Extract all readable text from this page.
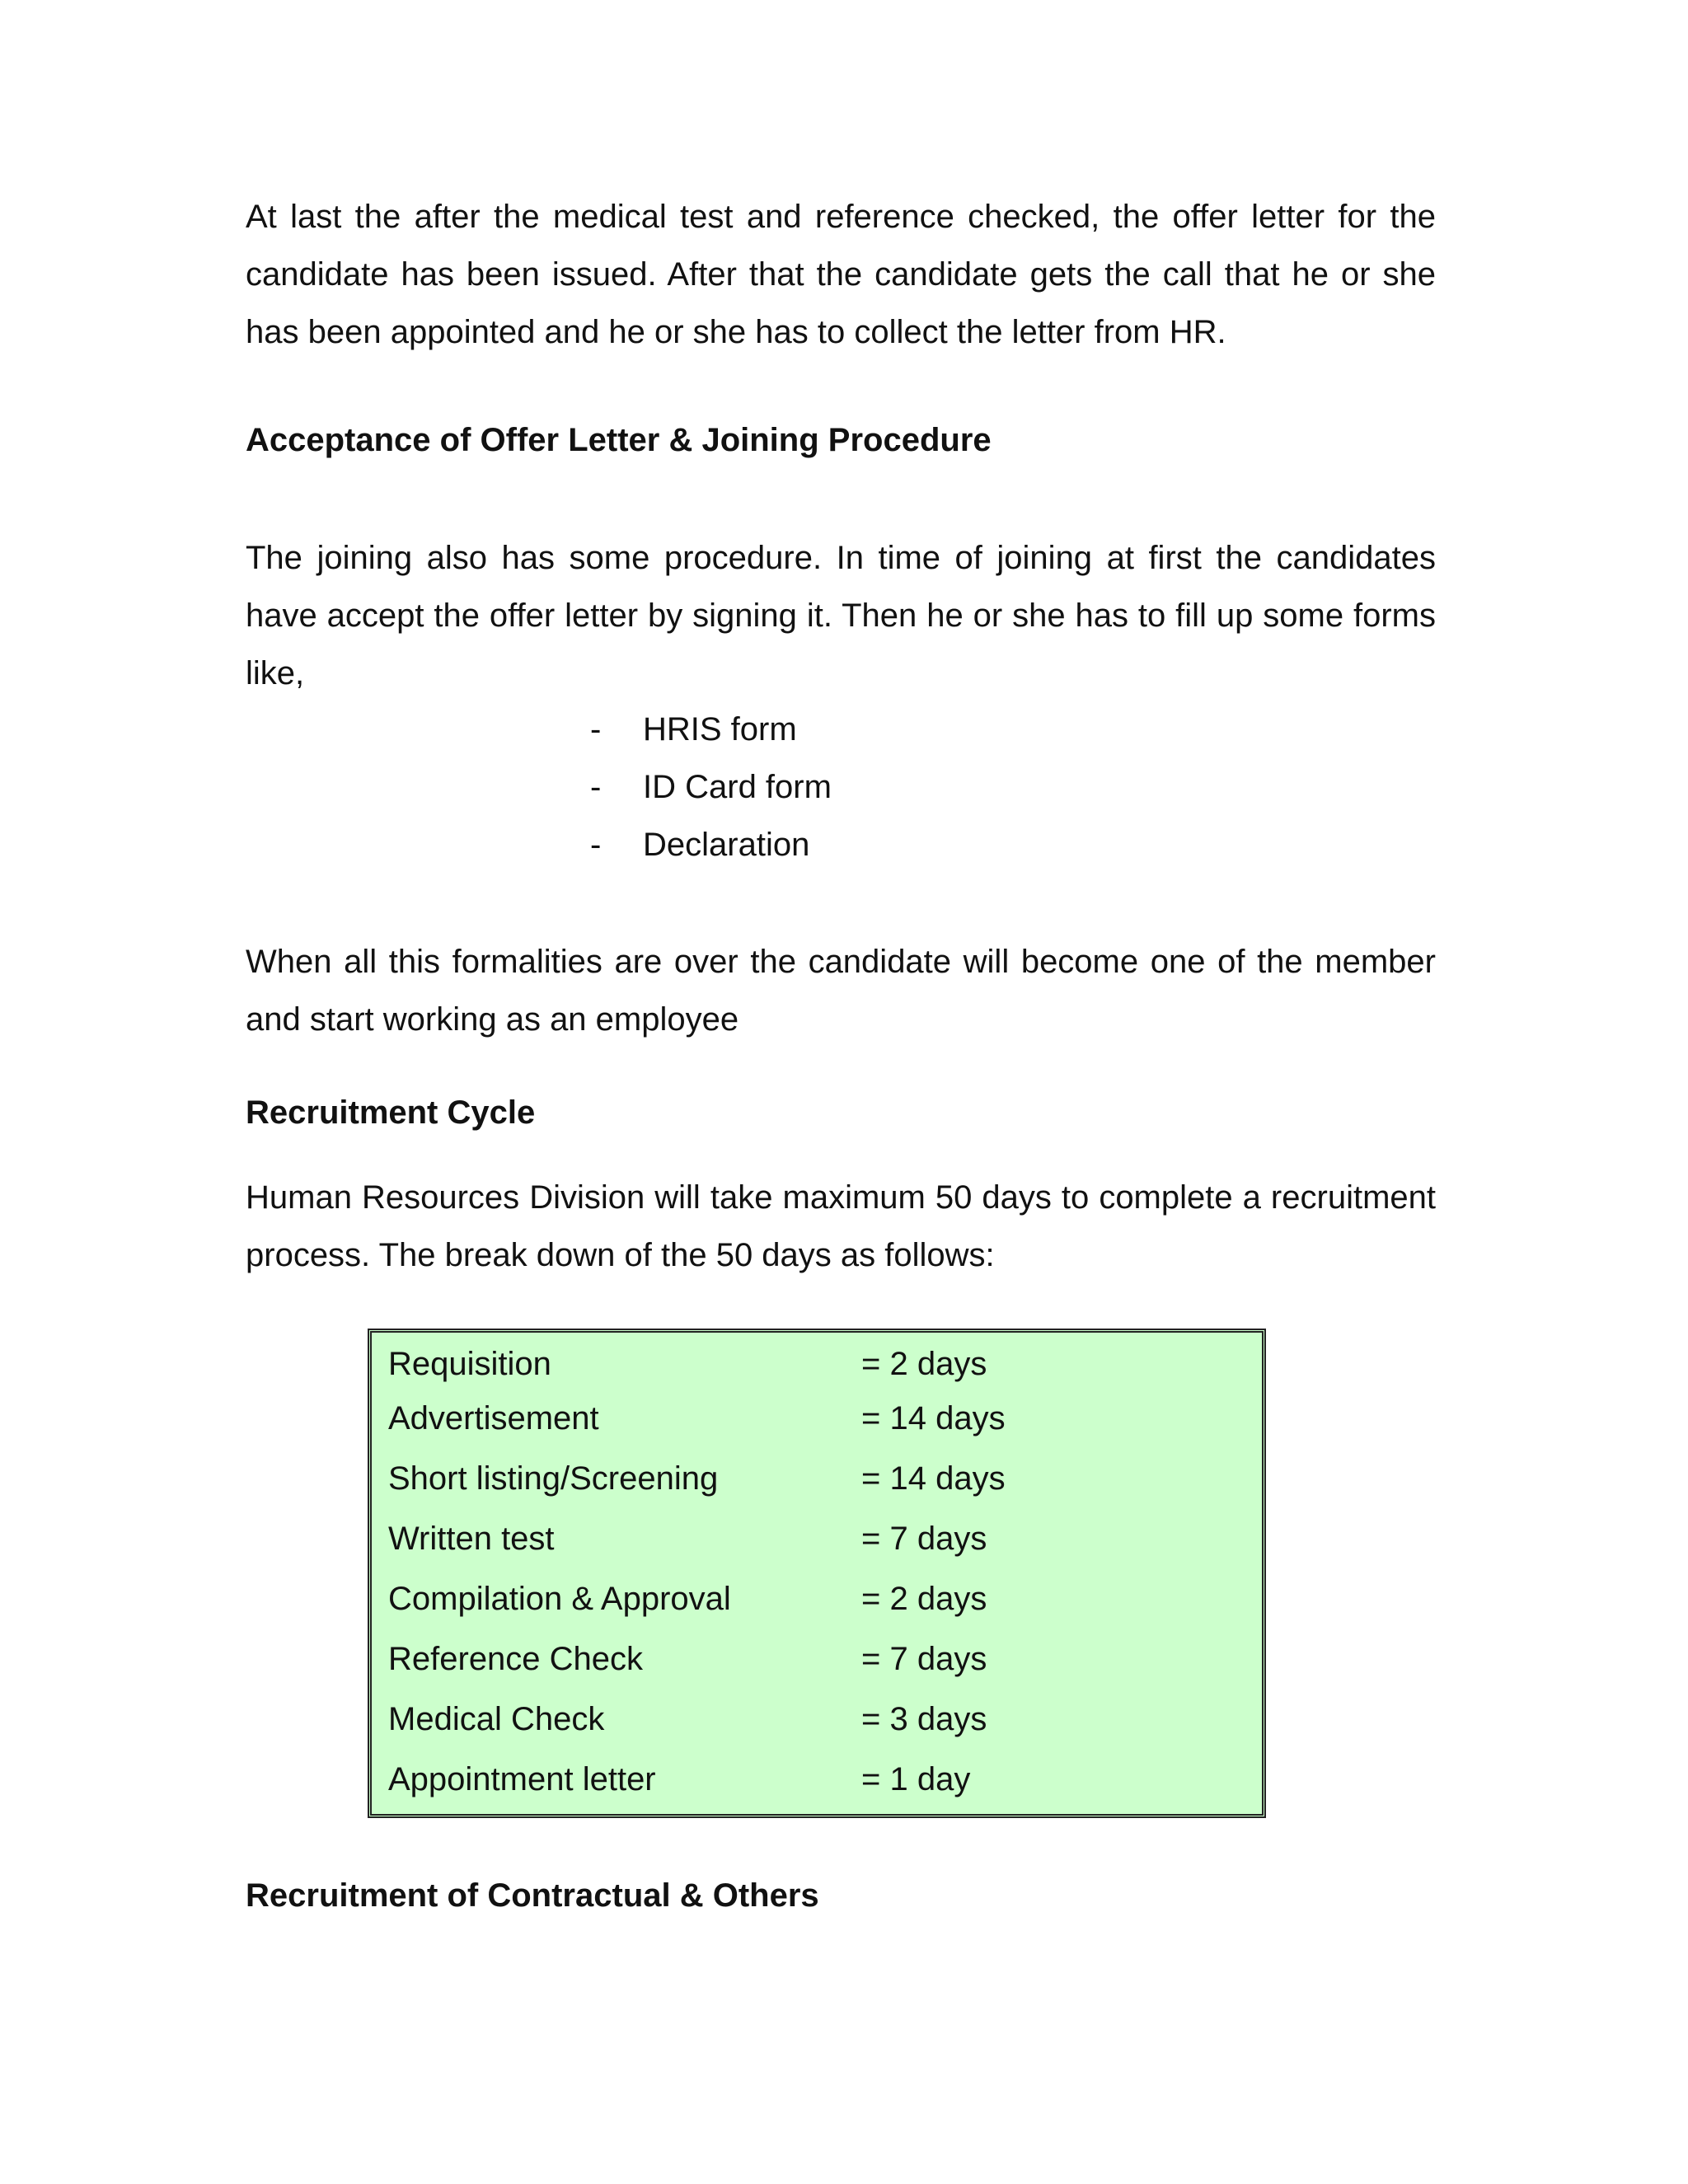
At last the after the medical test and reference checked, the offer letter for the candidate has been issued. After that the candidate gets the call that he or she has been appointed and he or she has to collect the letter from HR.

Acceptance of Offer Letter & Joining Procedure

The joining also has some procedure. In time of joining at first the candidates have accept the offer letter by signing it. Then he or she has to fill up some forms like,

-	HRIS form
-	ID Card form
-	Declaration

When all this formalities are over the candidate will become one of the member and start working as an employee

Recruitment Cycle

Human Resources Division will take maximum 50 days to complete a recruitment process. The break down of the 50 days as follows:

Requisition	= 2 days
Advertisement	= 14 days
Short listing/Screening	= 14 days
Written test	= 7 days
Compilation & Approval	= 2 days
Reference Check	= 7 days
Medical Check	= 3 days
Appointment letter	= 1 day
Recruitment of Contractual & Others
